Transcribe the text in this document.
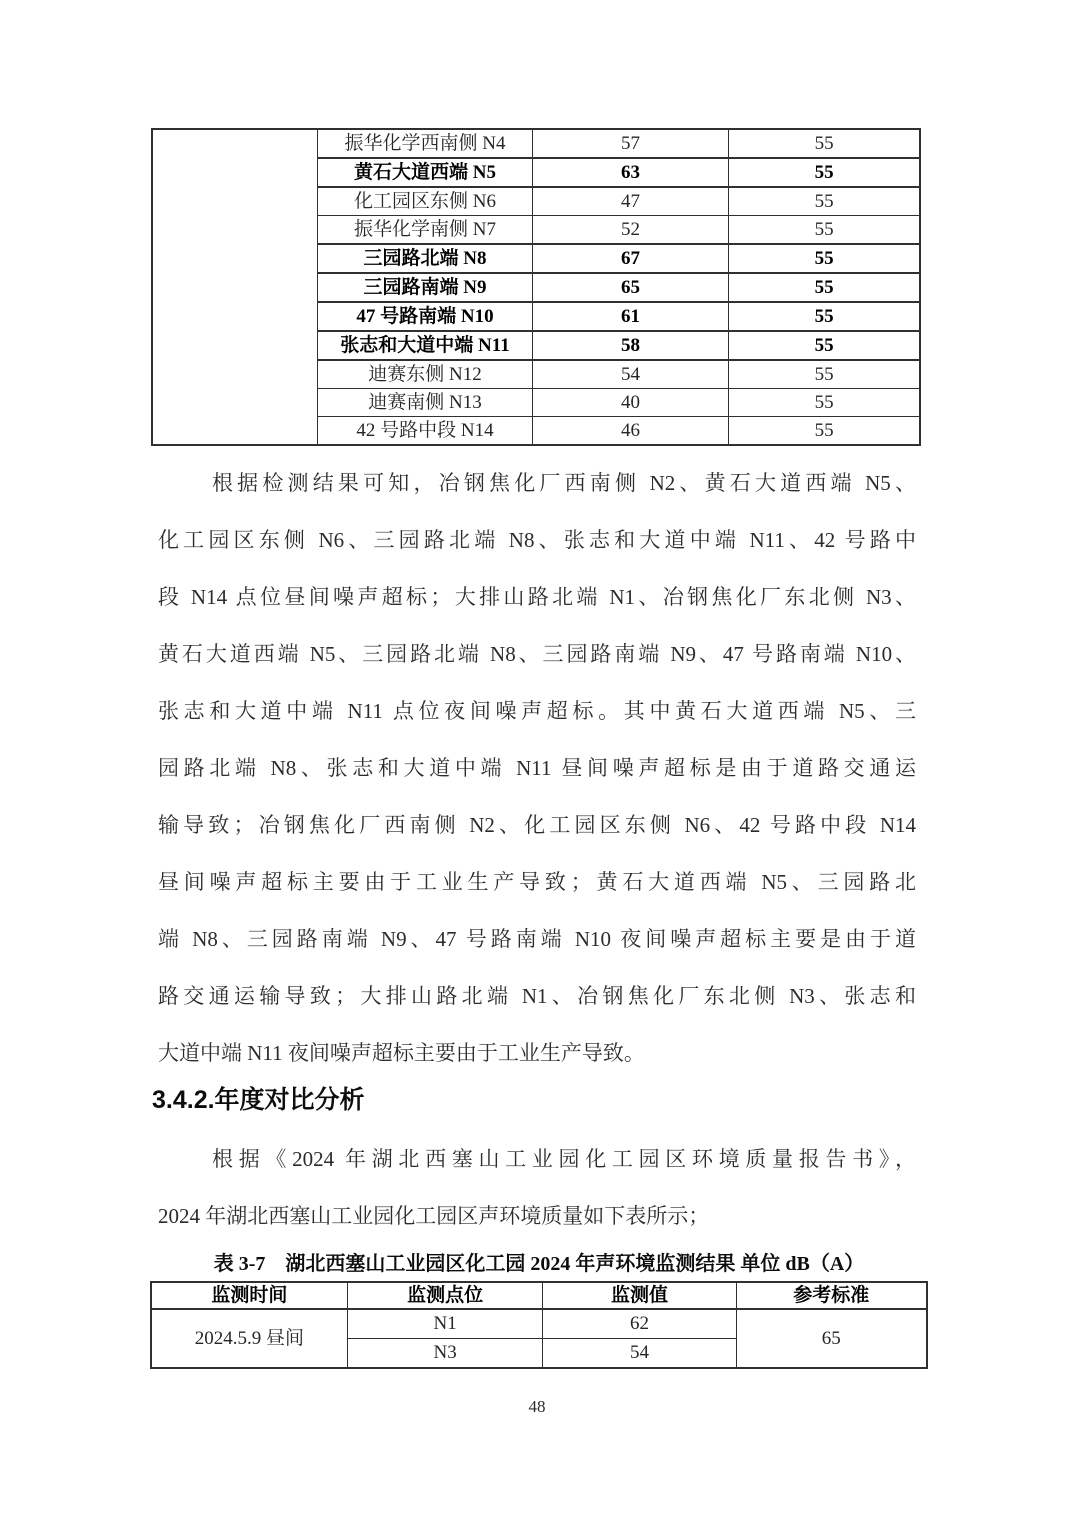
	振华化学西南侧 N4	57	55
	黄石大道西端 N5	63	55
	化工园区东侧 N6	47	55
	振华化学南侧 N7	52	55
	三园路北端 N8	67	55
	三园路南端 N9	65	55
	47 号路南端 N10	61	55
	张志和大道中端 N11	58	55
	迪赛东侧 N12	54	55
	迪赛南侧 N13	40	55
	42 号路中段 N14	46	55
根据检测结果可知，冶钢焦化厂西南侧 N2、黄石大道西端 N5、
化工园区东侧 N6、三园路北端 N8、张志和大道中端 N11、42 号路中
段 N14 点位昼间噪声超标；大排山路北端 N1、冶钢焦化厂东北侧 N3、
黄石大道西端 N5、三园路北端 N8、三园路南端 N9、47 号路南端 N10、
张志和大道中端 N11 点位夜间噪声超标。其中黄石大道西端 N5、三
园路北端 N8、张志和大道中端 N11 昼间噪声超标是由于道路交通运
输导致；冶钢焦化厂西南侧 N2、化工园区东侧 N6、42 号路中段 N14
昼间噪声超标主要由于工业生产导致；黄石大道西端 N5、三园路北
端 N8、三园路南端 N9、47 号路南端 N10 夜间噪声超标主要是由于道
路交通运输导致；大排山路北端 N1、冶钢焦化厂东北侧 N3、张志和
大道中端 N11 夜间噪声超标主要由于工业生产导致。
3.4.2.年度对比分析
根据《2024 年湖北西塞山工业园化工园区环境质量报告书》，
2024 年湖北西塞山工业园化工园区声环境质量如下表所示；
表 3-7　湖北西塞山工业园区化工园 2024 年声环境监测结果 单位 dB（A）
监测时间	监测点位	监测值	参考标准
2024.5.9 昼间	N1	62	65
	N3	54	
48
